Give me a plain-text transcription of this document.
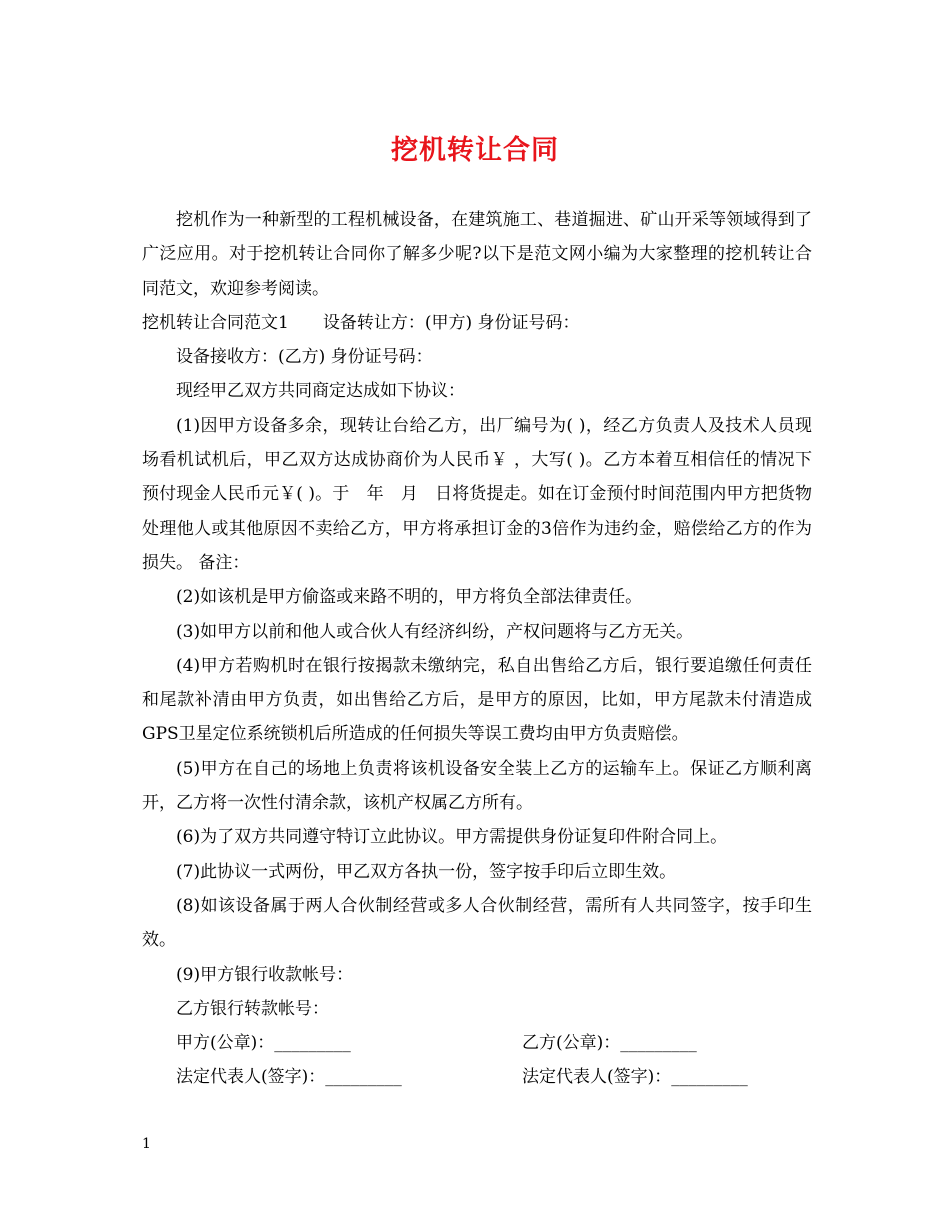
挖机转让合同

挖机作为一种新型的工程机械设备，在建筑施工、巷道掘进、矿山开采等领域得到了广泛应用。对于挖机转让合同你了解多少呢?以下是范文网小编为大家整理的挖机转让合同范文，欢迎参考阅读。

挖机转让合同范文1　　设备转让方：(甲方) 身份证号码：

设备接收方：(乙方) 身份证号码：

现经甲乙双方共同商定达成如下协议：

(1)因甲方设备多余，现转让台给乙方，出厂编号为( )，经乙方负责人及技术人员现场看机试机后，甲乙双方达成协商价为人民币￥ ，大写( )。乙方本着互相信任的情况下预付现金人民币元￥( )。于　年　月　日将货提走。如在订金预付时间范围内甲方把货物处理他人或其他原因不卖给乙方，甲方将承担订金的3倍作为违约金，赔偿给乙方的作为损失。 备注：

(2)如该机是甲方偷盗或来路不明的，甲方将负全部法律责任。

(3)如甲方以前和他人或合伙人有经济纠纷，产权问题将与乙方无关。

(4)甲方若购机时在银行按揭款未缴纳完，私自出售给乙方后，银行要追缴任何责任和尾款补清由甲方负责，如出售给乙方后，是甲方的原因，比如，甲方尾款未付清造成GPS卫星定位系统锁机后所造成的任何损失等误工费均由甲方负责赔偿。

(5)甲方在自己的场地上负责将该机设备安全装上乙方的运输车上。保证乙方顺利离开，乙方将一次性付清余款，该机产权属乙方所有。

(6)为了双方共同遵守特订立此协议。甲方需提供身份证复印件附合同上。

(7)此协议一式两份，甲乙双方各执一份，签字按手印后立即生效。

(8)如该设备属于两人合伙制经营或多人合伙制经营，需所有人共同签字，按手印生效。

(9)甲方银行收款帐号：

乙方银行转款帐号：

甲方(公章)：_________	乙方(公章)：_________
法定代表人(签字)：_________	法定代表人(签字)：_________
1
